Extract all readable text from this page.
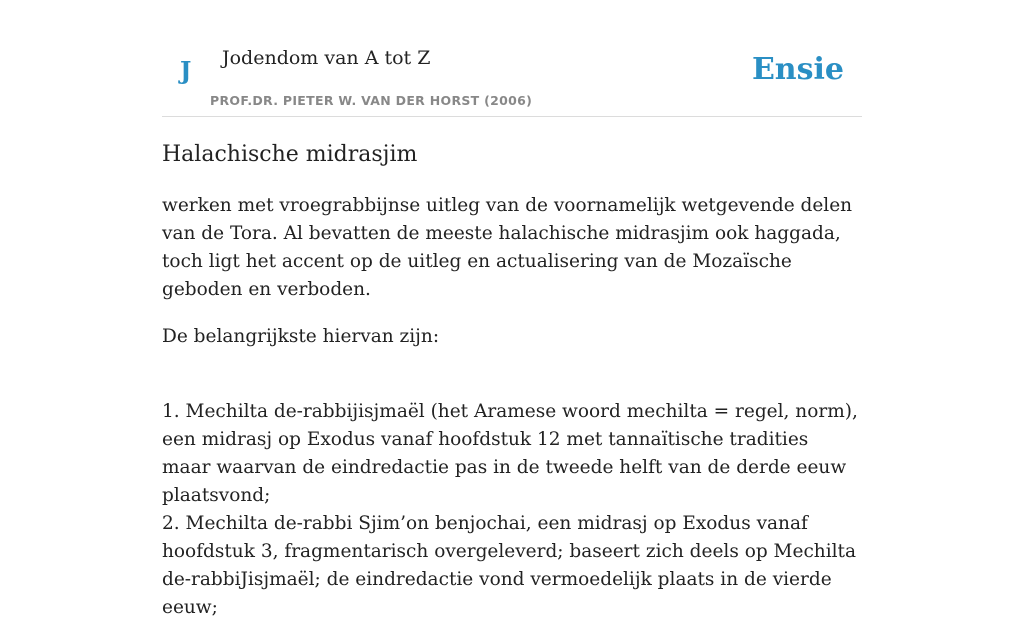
J Jodendom van A tot Z
PROF.DR. PIETER W. VAN DER HORST (2006)
Ensie
Halachische midrasjim

werken met vroegrabbijnse uitleg van de voornamelijk wetgevende delen van de Tora. Al bevatten de meeste halachische midrasjim ook haggada, toch ligt het accent op de uitleg en actualisering van de Mozaïsche geboden en verboden.

De belangrijkste hiervan zijn:

1. Mechilta de-rabbijisjmaël (het Aramese woord mechilta = regel, norm), een midrasj op Exodus vanaf hoofdstuk 12 met tannaïtische tradities maar waarvan de eindredactie pas in de tweede helft van de derde eeuw plaatsvond;
2. Mechilta de-rabbi Sjim’on benjochai, een midrasj op Exodus vanaf hoofdstuk 3, fragmentarisch overgeleverd; baseert zich deels op Mechilta de-rabbiJisjmaël; de eindredactie vond vermoedelijk plaats in de vierde eeuw;
